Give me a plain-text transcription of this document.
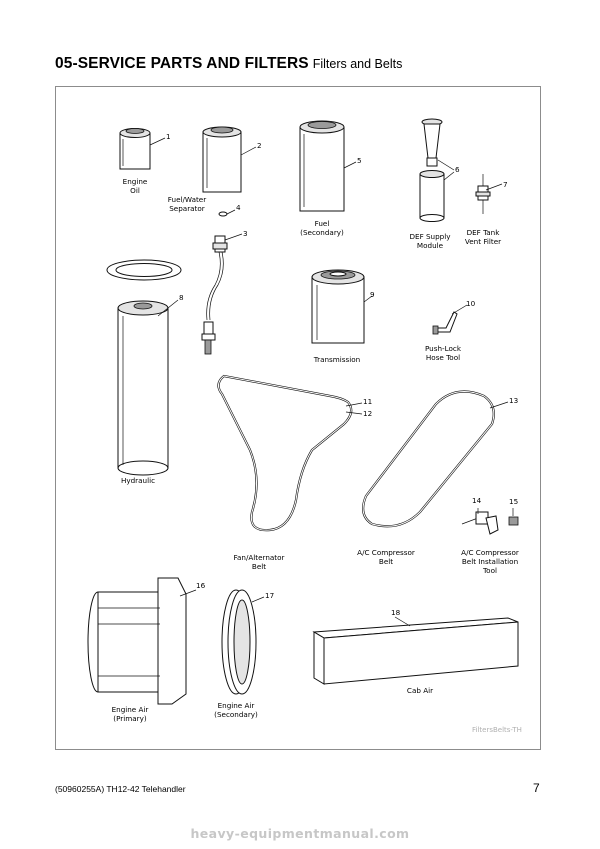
05-SERVICE PARTS AND FILTERS Filters and Belts
1
2
3
4
5
6
7
8	9
10
11
12
13
14	15
16
17
18
Engine
Oil
Fuel/Water
Separator
Fuel
(Secondary)	DEF Supply
Module
DEF Tank
Vent Filter
Hydraulic
Transmission
Push-Lock
Hose Tool
Fan/Alternator
Belt
A/C Compressor
Belt
A/C Compressor
Belt Installation
Tool
Engine Air
(Primary)
Engine Air
(Secondary)
Cab Air
FiltersBelts-TH
(50960255A) TH12-42 Telehandler	7
heavy-equipmentmanual.com
